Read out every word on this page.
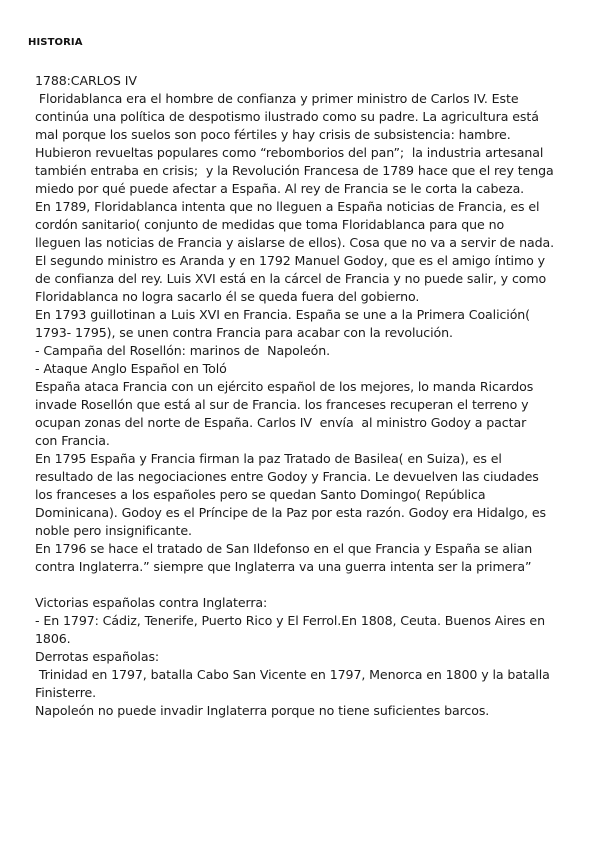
HISTORIA
1788:CARLOS IV
Floridablanca era el hombre de confianza y primer ministro de Carlos IV. Este
continúa una política de despotismo ilustrado como su padre. La agricultura está
mal porque los suelos son poco fértiles y hay crisis de subsistencia: hambre.
Hubieron revueltas populares como “rebomborios del pan”;  la industria artesanal
también entraba en crisis;  y la Revolución Francesa de 1789 hace que el rey tenga
miedo por qué puede afectar a España. Al rey de Francia se le corta la cabeza.
En 1789, Floridablanca intenta que no lleguen a España noticias de Francia, es el
cordón sanitario( conjunto de medidas que toma Floridablanca para que no
lleguen las noticias de Francia y aislarse de ellos). Cosa que no va a servir de nada.
El segundo ministro es Aranda y en 1792 Manuel Godoy, que es el amigo íntimo y
de confianza del rey. Luis XVI está en la cárcel de Francia y no puede salir, y como
Floridablanca no logra sacarlo él se queda fuera del gobierno.
En 1793 guillotinan a Luis XVI en Francia. España se une a la Primera Coalición(
1793- 1795), se unen contra Francia para acabar con la revolución.
- Campaña del Rosellón: marinos de  Napoleón.
- Ataque Anglo Español en Toló
España ataca Francia con un ejército español de los mejores, lo manda Ricardos
invade Rosellón que está al sur de Francia. los franceses recuperan el terreno y
ocupan zonas del norte de España. Carlos IV  envía  al ministro Godoy a pactar
con Francia.
En 1795 España y Francia firman la paz Tratado de Basilea( en Suiza), es el
resultado de las negociaciones entre Godoy y Francia. Le devuelven las ciudades
los franceses a los españoles pero se quedan Santo Domingo( República
Dominicana). Godoy es el Príncipe de la Paz por esta razón. Godoy era Hidalgo, es
noble pero insignificante.
En 1796 se hace el tratado de San Ildefonso en el que Francia y España se alian
contra Inglaterra.” siempre que Inglaterra va una guerra intenta ser la primera”
Victorias españolas contra Inglaterra:
- En 1797: Cádiz, Tenerife, Puerto Rico y El Ferrol.En 1808, Ceuta. Buenos Aires en
1806.
Derrotas españolas:
Trinidad en 1797, batalla Cabo San Vicente en 1797, Menorca en 1800 y la batalla
Finisterre.
Napoleón no puede invadir Inglaterra porque no tiene suficientes barcos.
